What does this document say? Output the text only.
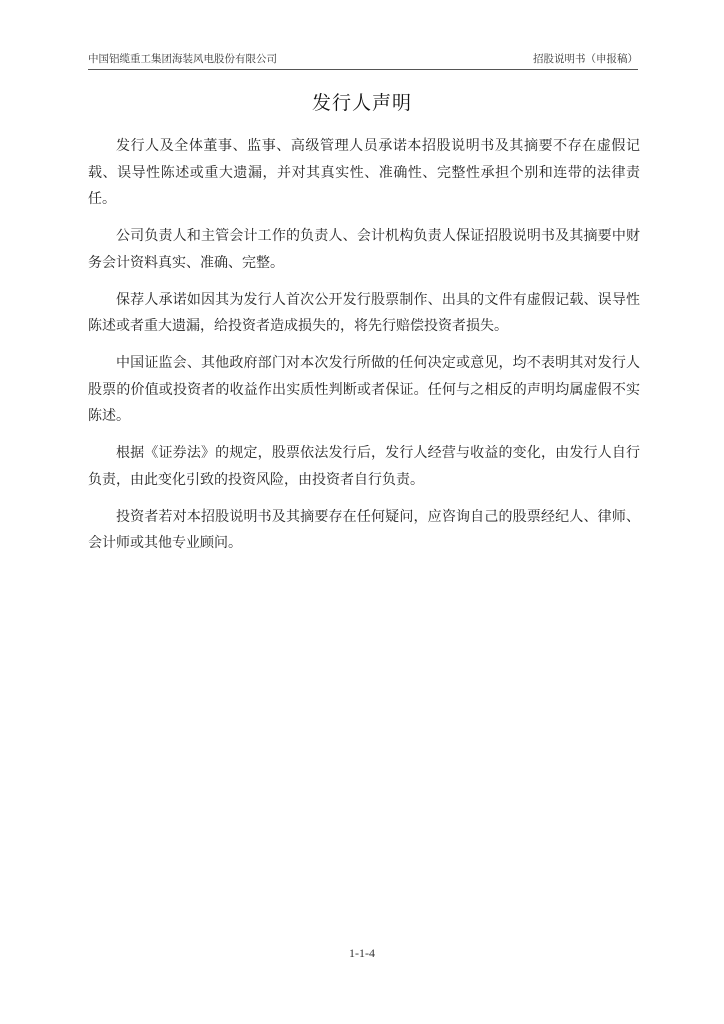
中国铝缆重工集团海装风电股份有限公司	招股说明书（申报稿）
发行人声明

发行人及全体董事、监事、高级管理人员承诺本招股说明书及其摘要不存在虚假记载、误导性陈述或重大遗漏，并对其真实性、准确性、完整性承担个别和连带的法律责任。

公司负责人和主管会计工作的负责人、会计机构负责人保证招股说明书及其摘要中财务会计资料真实、准确、完整。

保荐人承诺如因其为发行人首次公开发行股票制作、出具的文件有虚假记载、误导性陈述或者重大遗漏，给投资者造成损失的，将先行赔偿投资者损失。

中国证监会、其他政府部门对本次发行所做的任何决定或意见，均不表明其对发行人股票的价值或投资者的收益作出实质性判断或者保证。任何与之相反的声明均属虚假不实陈述。

根据《证券法》的规定，股票依法发行后，发行人经营与收益的变化，由发行人自行负责，由此变化引致的投资风险，由投资者自行负责。

投资者若对本招股说明书及其摘要存在任何疑问，应咨询自己的股票经纪人、律师、会计师或其他专业顾问。

1-1-4
